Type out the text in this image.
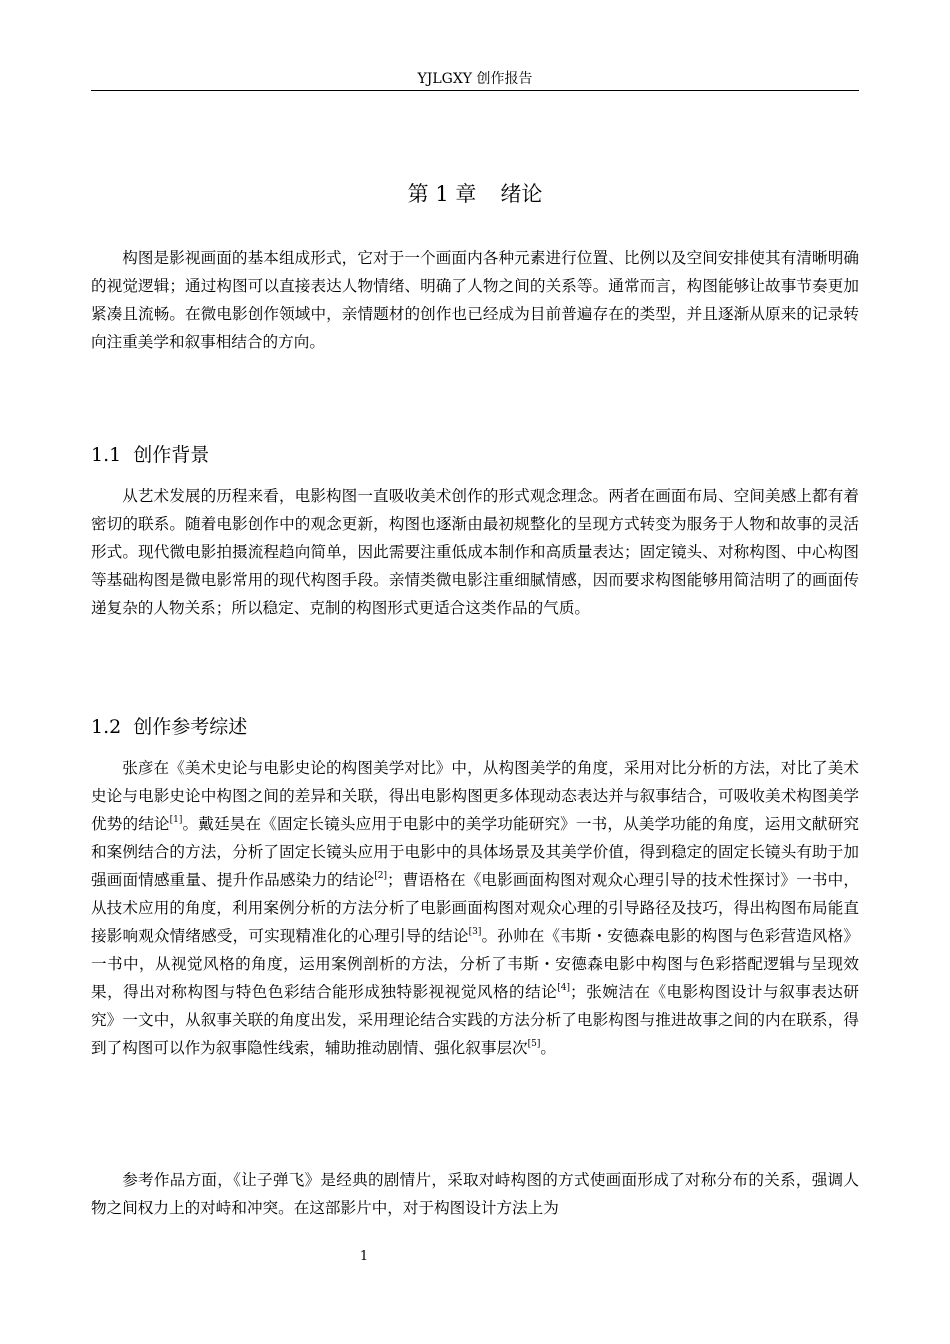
YJLGXY 创作报告
第 1 章 绪论

构图是影视画面的基本组成形式，它对于一个画面内各种元素进行位置、比例以及空间安排使其有清晰明确的视觉逻辑；通过构图可以直接表达人物情绪、明确了人物之间的关系等。通常而言，构图能够让故事节奏更加紧凑且流畅。在微电影创作领域中，亲情题材的创作也已经成为目前普遍存在的类型，并且逐渐从原来的记录转向注重美学和叙事相结合的方向。

1.1 创作背景

从艺术发展的历程来看，电影构图一直吸收美术创作的形式观念理念。两者在画面布局、空间美感上都有着密切的联系。随着电影创作中的观念更新，构图也逐渐由最初规整化的呈现方式转变为服务于人物和故事的灵活形式。现代微电影拍摄流程趋向简单，因此需要注重低成本制作和高质量表达；固定镜头、对称构图、中心构图等基础构图是微电影常用的现代构图手段。亲情类微电影注重细腻情感，因而要求构图能够用简洁明了的画面传递复杂的人物关系；所以稳定、克制的构图形式更适合这类作品的气质。

1.2 创作参考综述

张彦在《美术史论与电影史论的构图美学对比》中，从构图美学的角度，采用对比分析的方法，对比了美术史论与电影史论中构图之间的差异和关联，得出电影构图更多体现动态表达并与叙事结合，可吸收美术构图美学优势的结论[1]。戴廷昊在《固定长镜头应用于电影中的美学功能研究》一书，从美学功能的角度，运用文献研究和案例结合的方法，分析了固定长镜头应用于电影中的具体场景及其美学价值，得到稳定的固定长镜头有助于加强画面情感重量、提升作品感染力的结论[2]；曹语格在《电影画面构图对观众心理引导的技术性探讨》一书中，从技术应用的角度，利用案例分析的方法分析了电影画面构图对观众心理的引导路径及技巧，得出构图布局能直接影响观众情绪感受，可实现精准化的心理引导的结论[3]。孙帅在《韦斯・安德森电影的构图与色彩营造风格》一书中，从视觉风格的角度，运用案例剖析的方法，分析了韦斯・安德森电影中构图与色彩搭配逻辑与呈现效果，得出对称构图与特色色彩结合能形成独特影视视觉风格的结论[4]；张婉洁在《电影构图设计与叙事表达研究》一文中，从叙事关联的角度出发，采用理论结合实践的方法分析了电影构图与推进故事之间的内在联系，得到了构图可以作为叙事隐性线索，辅助推动剧情、强化叙事层次[5]。

参考作品方面，《让子弹飞》是经典的剧情片，采取对峙构图的方式使画面形成了对称分布的关系，强调人物之间权力上的对峙和冲突。在这部影片中，对于构图设计方法上为

1
